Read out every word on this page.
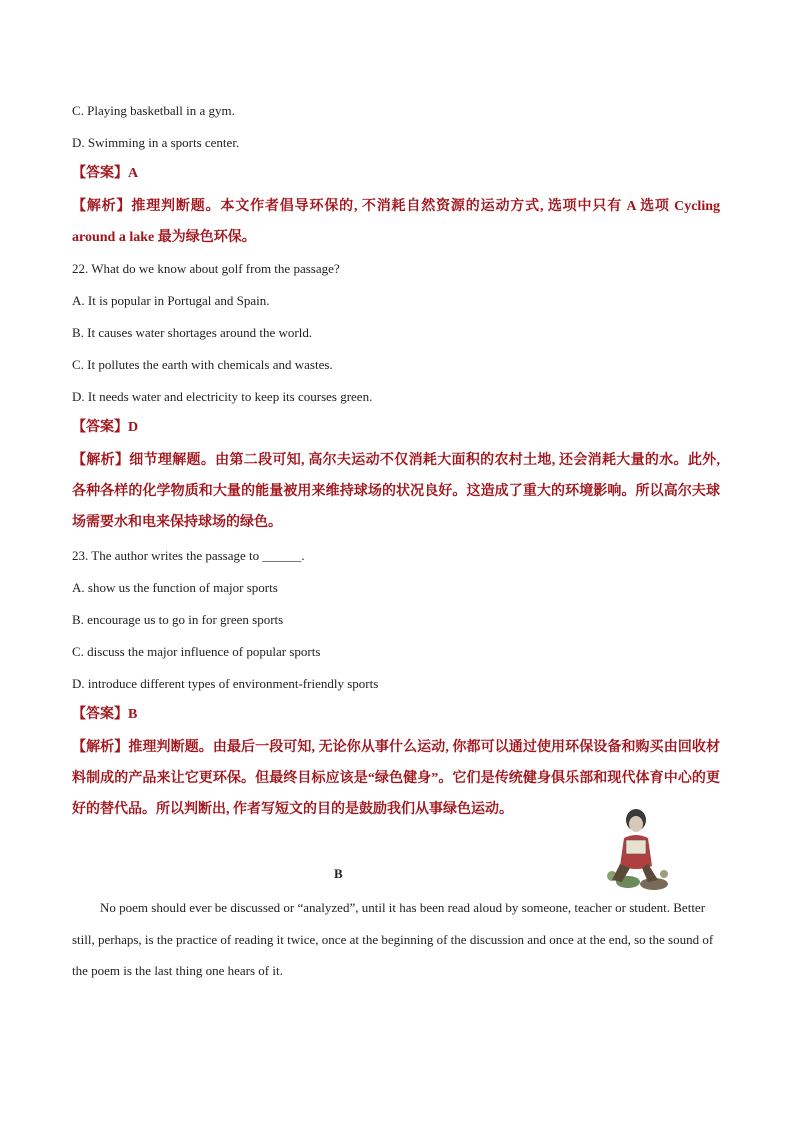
C. Playing basketball in a gym.
D. Swimming in a sports center.
【答案】A
【解析】推理判断题。本文作者倡导环保的, 不消耗自然资源的运动方式, 选项中只有 A 选项 Cycling around a lake 最为绿色环保。
22. What do we know about golf from the passage?
A. It is popular in Portugal and Spain.
B. It causes water shortages around the world.
C. It pollutes the earth with chemicals and wastes.
D. It needs water and electricity to keep its courses green.
【答案】D
【解析】细节理解题。由第二段可知, 高尔夫运动不仅消耗大面积的农村土地, 还会消耗大量的水。此外, 各种各样的化学物质和大量的能量被用来维持球场的状况良好。这造成了重大的环境影响。所以高尔夫球场需要水和电来保持球场的绿色。
23. The author writes the passage to ______.
A. show us the function of major sports
B. encourage us to go in for green sports
C. discuss the major influence of popular sports
D. introduce different types of environment-friendly sports
【答案】B
【解析】推理判断题。由最后一段可知, 无论你从事什么运动, 你都可以通过使用环保设备和购买由回收材料制成的产品来让它更环保。但最终目标应该是“绿色健身”。它们是传统健身俱乐部和现代体育中心的更好的替代品。所以判断出, 作者写短文的目的是鼓励我们从事绿色运动。
B
No poem should ever be discussed or “analyzed”, until it has been read aloud by someone, teacher or student. Better still, perhaps, is the practice of reading it twice, once at the beginning of the discussion and once at the end, so the sound of the poem is the last thing one hears of it.
